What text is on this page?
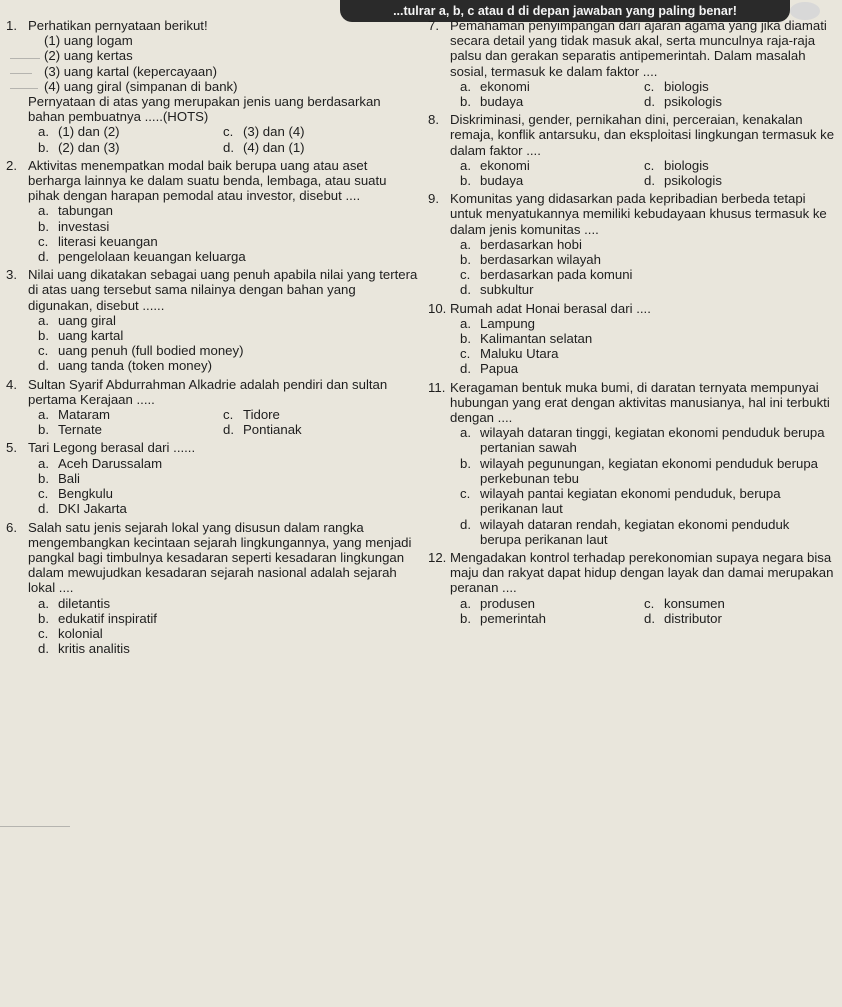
...tulrar a, b, c atau d di depan jawaban yang paling benar!
1. Perhatikan pernyataan berikut!
(1) uang logam
(2) uang kertas
(3) uang kartal (kepercayaan)
(4) uang giral (simpanan di bank)
Pernyataan di atas yang merupakan jenis uang berdasarkan bahan pembuatnya .....(HOTS)
a. (1) dan (2)	c. (3) dan (4)
b. (2) dan (3)	d. (4) dan (1)
2. Aktivitas menempatkan modal baik berupa uang atau aset berharga lainnya ke dalam suatu benda, lembaga, atau suatu pihak dengan harapan pemodal atau investor, disebut ....
a. tabungan
b. investasi
c. literasi keuangan
d. pengelolaan keuangan keluarga
3. Nilai uang dikatakan sebagai uang penuh apabila nilai yang tertera di atas uang tersebut sama nilainya dengan bahan yang digunakan, disebut ......
a. uang giral
b. uang kartal
c. uang penuh (full bodied money)
d. uang tanda (token money)
4. Sultan Syarif Abdurrahman Alkadrie adalah pendiri dan sultan pertama Kerajaan .....
a. Mataram	c. Tidore
b. Ternate	d. Pontianak
5. Tari Legong berasal dari ......
a. Aceh Darussalam
b. Bali
c. Bengkulu
d. DKI Jakarta
6. Salah satu jenis sejarah lokal yang disusun dalam rangka mengembangkan kecintaan sejarah lingkungannya, yang menjadi pangkal bagi timbulnya kesadaran seperti kesadaran lingkungan dalam mewujudkan kesadaran sejarah nasional adalah sejarah lokal ....
a. diletantis
b. edukatif inspiratif
c. kolonial
d. kritis analitis
7. Pemahaman penyimpangan dari ajaran agama yang jika diamati secara detail yang tidak masuk akal, serta munculnya raja-raja palsu dan gerakan separatis antipemerintah. Dalam masalah sosial, termasuk ke dalam faktor ....
a. ekonomi	c. biologis
b. budaya	d. psikologis
8. Diskriminasi, gender, pernikahan dini, perceraian, kenakalan remaja, konflik antarsuku, dan eksploitasi lingkungan termasuk ke dalam faktor ....
a. ekonomi	c. biologis
b. budaya	d. psikologis
9. Komunitas yang didasarkan pada kepribadian berbeda tetapi untuk menyatukannya memiliki kebudayaan khusus termasuk ke dalam jenis komunitas ....
a. berdasarkan hobi
b. berdasarkan wilayah
c. berdasarkan pada komuni
d. subkultur
10. Rumah adat Honai berasal dari ....
a. Lampung
b. Kalimantan selatan
c. Maluku Utara
d. Papua
11. Keragaman bentuk muka bumi, di daratan ternyata mempunyai hubungan yang erat dengan aktivitas manusianya, hal ini terbukti dengan ....
a. wilayah dataran tinggi, kegiatan ekonomi penduduk berupa pertanian sawah
b. wilayah pegunungan, kegiatan ekonomi penduduk berupa perkebunan tebu
c. wilayah pantai kegiatan ekonomi penduduk, berupa perikanan laut
d. wilayah dataran rendah, kegiatan ekonomi penduduk berupa perikanan laut
12. Mengadakan kontrol terhadap perekonomian supaya negara bisa maju dan rakyat dapat hidup dengan layak dan damai merupakan peranan ....
a. produsen	c. konsumen
b. pemerintah	d. distributor
